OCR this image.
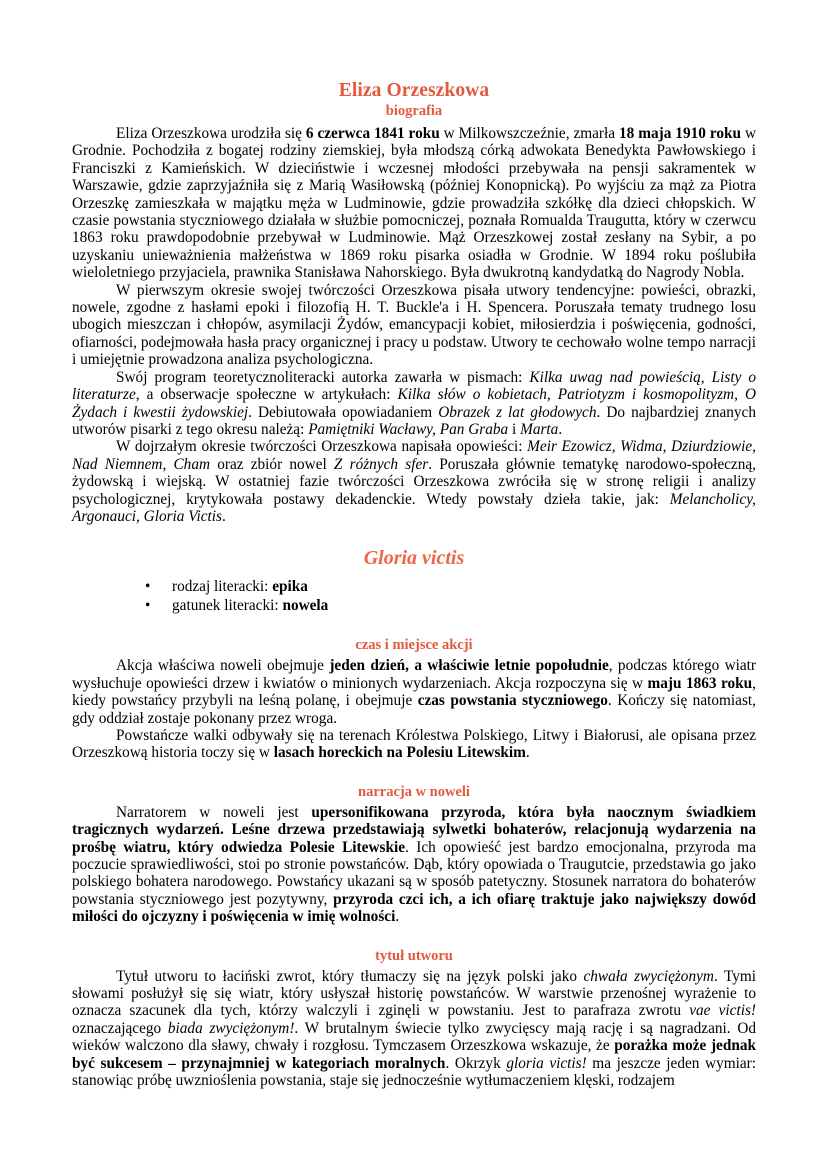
Eliza Orzeszkowa
biografia

Eliza Orzeszkowa urodziła się 6 czerwca 1841 roku w Milkowszczeźnie, zmarła 18 maja 1910 roku w Grodnie. Pochodziła z bogatej rodziny ziemskiej, była młodszą córką adwokata Benedykta Pawłowskiego i Franciszki z Kamieńskich. W dzieciństwie i wczesnej młodości przebywała na pensji sakramentek w Warszawie, gdzie zaprzyjaźniła się z Marią Wasiłowską (później Konopnicką). Po wyjściu za mąż za Piotra Orzeszkę zamieszkała w majątku męża w Ludminowie, gdzie prowadziła szkółkę dla dzieci chłopskich. W czasie powstania styczniowego działała w służbie pomocniczej, poznała Romualda Traugutta, który w czerwcu 1863 roku prawdopodobnie przebywał w Ludminowie. Mąż Orzeszkowej został zesłany na Sybir, a po uzyskaniu unieważnienia małżeństwa w 1869 roku pisarka osiadła w Grodnie. W 1894 roku poślubiła wieloletniego przyjaciela, prawnika Stanisława Nahorskiego. Była dwukrotną kandydatką do Nagrody Nobla.

W pierwszym okresie swojej twórczości Orzeszkowa pisała utwory tendencyjne: powieści, obrazki, nowele, zgodne z hasłami epoki i filozofią H. T. Buckle'a i H. Spencera. Poruszała tematy trudnego losu ubogich mieszczan i chłopów, asymilacji Żydów, emancypacji kobiet, miłosierdzia i poświęcenia, godności, ofiarności, podejmowała hasła pracy organicznej i pracy u podstaw. Utwory te cechowało wolne tempo narracji i umiejętnie prowadzona analiza psychologiczna.

Swój program teoretycznoliteracki autorka zawarła w pismach: Kilka uwag nad powieścią, Listy o literaturze, a obserwacje społeczne w artykułach: Kilka słów o kobietach, Patriotyzm i kosmopolityzm, O Żydach i kwestii żydowskiej. Debiutowała opowiadaniem Obrazek z lat głodowych. Do najbardziej znanych utworów pisarki z tego okresu należą: Pamiętniki Wacławy, Pan Graba i Marta.

W dojrzałym okresie twórczości Orzeszkowa napisała opowieści: Meir Ezowicz, Widma, Dziurdziowie, Nad Niemnem, Cham oraz zbiór nowel Z różnych sfer. Poruszała głównie tematykę narodowo-społeczną, żydowską i wiejską. W ostatniej fazie twórczości Orzeszkowa zwróciła się w stronę religii i analizy psychologicznej, krytykowała postawy dekadenckie. Wtedy powstały dzieła takie, jak: Melancholicy, Argonauci, Gloria Victis.

Gloria victis
• rodzaj literacki: epika
• gatunek literacki: nowela
czas i miejsce akcji

Akcja właściwa noweli obejmuje jeden dzień, a właściwie letnie popołudnie, podczas którego wiatr wysłuchuje opowieści drzew i kwiatów o minionych wydarzeniach. Akcja rozpoczyna się w maju 1863 roku, kiedy powstańcy przybyli na leśną polanę, i obejmuje czas powstania styczniowego. Kończy się natomiast, gdy oddział zostaje pokonany przez wroga.

Powstańcze walki odbywały się na terenach Królestwa Polskiego, Litwy i Białorusi, ale opisana przez Orzeszkową historia toczy się w lasach horeckich na Polesiu Litewskim.

narracja w noweli

Narratorem w noweli jest upersonifikowana przyroda, która była naocznym świadkiem tragicznych wydarzeń. Leśne drzewa przedstawiają sylwetki bohaterów, relacjonują wydarzenia na prośbę wiatru, który odwiedza Polesie Litewskie. Ich opowieść jest bardzo emocjonalna, przyroda ma poczucie sprawiedliwości, stoi po stronie powstańców. Dąb, który opowiada o Traugutcie, przedstawia go jako polskiego bohatera narodowego. Powstańcy ukazani są w sposób patetyczny. Stosunek narratora do bohaterów powstania styczniowego jest pozytywny, przyroda czci ich, a ich ofiarę traktuje jako największy dowód miłości do ojczyzny i poświęcenia w imię wolności.

tytuł utworu

Tytuł utworu to łaciński zwrot, który tłumaczy się na język polski jako chwała zwyciężonym. Tymi słowami posłużył się się wiatr, który usłyszał historię powstańców. W warstwie przenośnej wyrażenie to oznacza szacunek dla tych, którzy walczyli i zginęli w powstaniu. Jest to parafraza zwrotu vae victis! oznaczającego biada zwyciężonym!. W brutalnym świecie tylko zwycięscy mają rację i są nagradzani. Od wieków walczono dla sławy, chwały i rozgłosu. Tymczasem Orzeszkowa wskazuje, że porażka może jednak być sukcesem – przynajmniej w kategoriach moralnych. Okrzyk gloria victis! ma jeszcze jeden wymiar: stanowiąc próbę uwznioślenia powstania, staje się jednocześnie wytłumaczeniem klęski, rodzajem
